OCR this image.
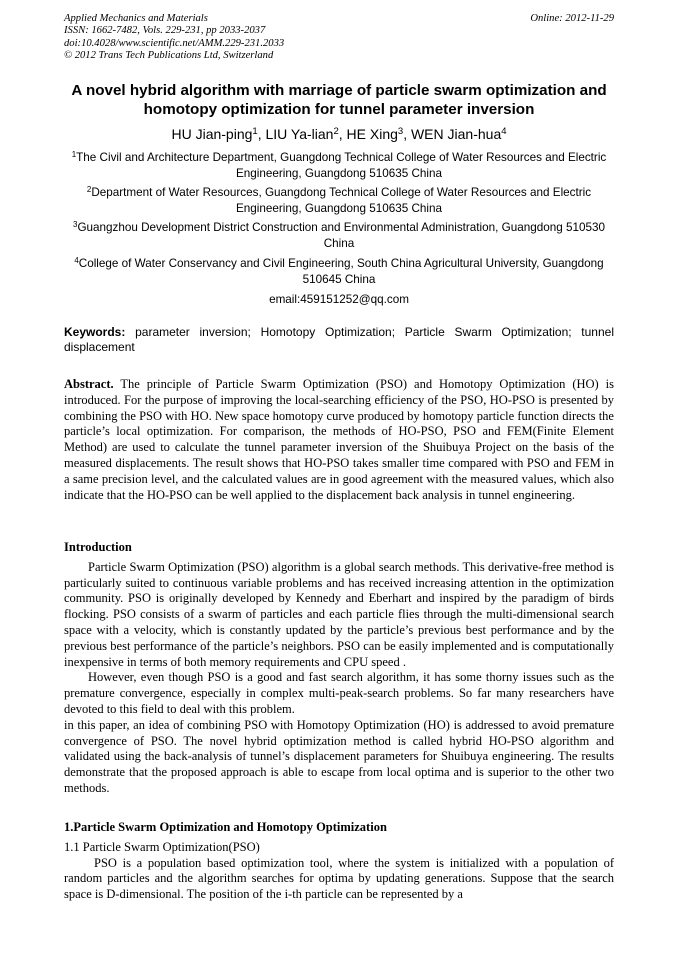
Applied Mechanics and Materials
ISSN: 1662-7482, Vols. 229-231, pp 2033-2037
doi:10.4028/www.scientific.net/AMM.229-231.2033
© 2012 Trans Tech Publications Ltd, Switzerland
Online: 2012-11-29
A novel hybrid algorithm with marriage of particle swarm optimization and homotopy optimization for tunnel parameter inversion
HU Jian-ping$^1$, LIU Ya-lian$^2$, HE Xing$^3$, WEN Jian-hua$^4$
$^1$The Civil and Architecture Department, Guangdong Technical College of Water Resources and Electric Engineering, Guangdong 510635 China
$^2$Department of Water Resources, Guangdong Technical College of Water Resources and Electric Engineering, Guangdong 510635 China
$^3$Guangzhou Development District Construction and Environmental Administration, Guangdong 510530 China
$^4$College of Water Conservancy and Civil Engineering, South China Agricultural University, Guangdong 510645 China
email:459151252@qq.com
Keywords: parameter inversion; Homotopy Optimization; Particle Swarm Optimization; tunnel displacement
Abstract. The principle of Particle Swarm Optimization (PSO) and Homotopy Optimization (HO) is introduced. For the purpose of improving the local-searching efficiency of the PSO, HO-PSO is presented by combining the PSO with HO. New space homotopy curve produced by homotopy particle function directs the particle’s local optimization. For comparison, the methods of HO-PSO, PSO and FEM(Finite Element Method) are used to calculate the tunnel parameter inversion of the Shuibuya Project on the basis of the measured displacements. The result shows that HO-PSO takes smaller time compared with PSO and FEM in a same precision level, and the calculated values are in good agreement with the measured values, which also indicate that the HO-PSO can be well applied to the displacement back analysis in tunnel engineering.
Introduction

Particle Swarm Optimization (PSO) algorithm is a global search methods. This derivative-free method is particularly suited to continuous variable problems and has received increasing attention in the optimization community. PSO is originally developed by Kennedy and Eberhart and inspired by the paradigm of birds flocking. PSO consists of a swarm of particles and each particle flies through the multi-dimensional search space with a velocity, which is constantly updated by the particle’s previous best performance and by the previous best performance of the particle’s neighbors. PSO can be easily implemented and is computationally inexpensive in terms of both memory requirements and CPU speed .

However, even though PSO is a good and fast search algorithm, it has some thorny issues such as the premature convergence, especially in complex multi-peak-search problems. So far many researchers have devoted to this field to deal with this problem.

in this paper, an idea of combining PSO with Homotopy Optimization (HO) is addressed to avoid premature convergence of PSO. The novel hybrid optimization method is called hybrid HO-PSO algorithm and validated using the back-analysis of tunnel’s displacement parameters for Shuibuya engineering. The results demonstrate that the proposed approach is able to escape from local optima and is superior to the other two methods.

1.Particle Swarm Optimization and Homotopy Optimization

1.1 Particle Swarm Optimization(PSO)

PSO is a population based optimization tool, where the system is initialized with a population of random particles and the algorithm searches for optima by updating generations. Suppose that the search space is D-dimensional. The position of the i-th particle can be represented by a
